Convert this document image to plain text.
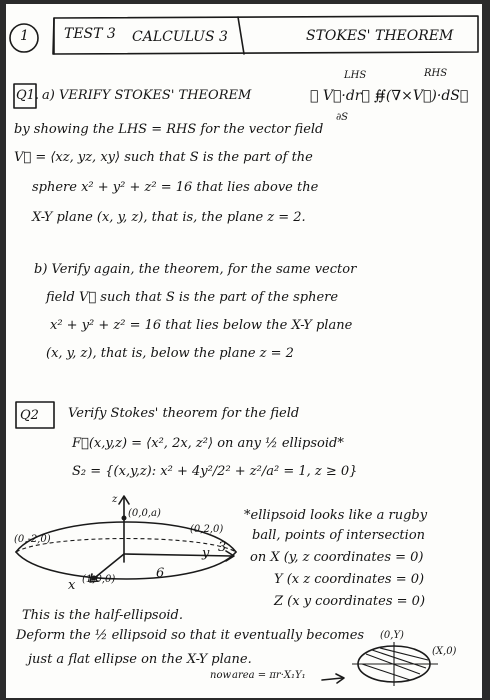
1	TEST 3 CALCULUS 3	STOKES' THEOREM
Q1. a) VERIFY STOKES' THEOREM
LHS	RHS
∮ V⃗·dr⃗ =
∬(∇×V⃗)·dS⃗
∂S
by showing the LHS = RHS for the vector field
V⃗ = ⟨xz, yz, xy⟩ such that S is the part of the
sphere x² + y² + z² = 16 that lies above the
X-Y plane (x, y, z), that is, the plane z = 2.
b) Verify again, the theorem, for the same vector
field V⃗ such that S is the part of the sphere
x² + y² + z² = 16 that lies below the X-Y plane
(x, y, z), that is, below the plane z = 2
Q2 Verify Stokes' theorem for the field
F⃗(x,y,z) = ⟨x², 2x, z²⟩ on any ½ ellipsoid*
S₂ = {(x,y,z): x² + 4y²/2² + z²/a² = 1, z ≥ 0}
z
(0,0,a)
(0,-2,0)
(0,2,0)
y 3
x (1,0,0)	6
*ellipsoid looks like a rugby
ball, points of intersection
on X (y, z coordinates = 0)
Y (x z coordinates = 0)
Z (x y coordinates = 0)
This is the half-ellipsoid.
Deform the ½ ellipsoid so that it eventually becomes
just a flat ellipse on the X-Y plane.
now area = πr·X₁Y₁
(0,Y)
(X,0)
